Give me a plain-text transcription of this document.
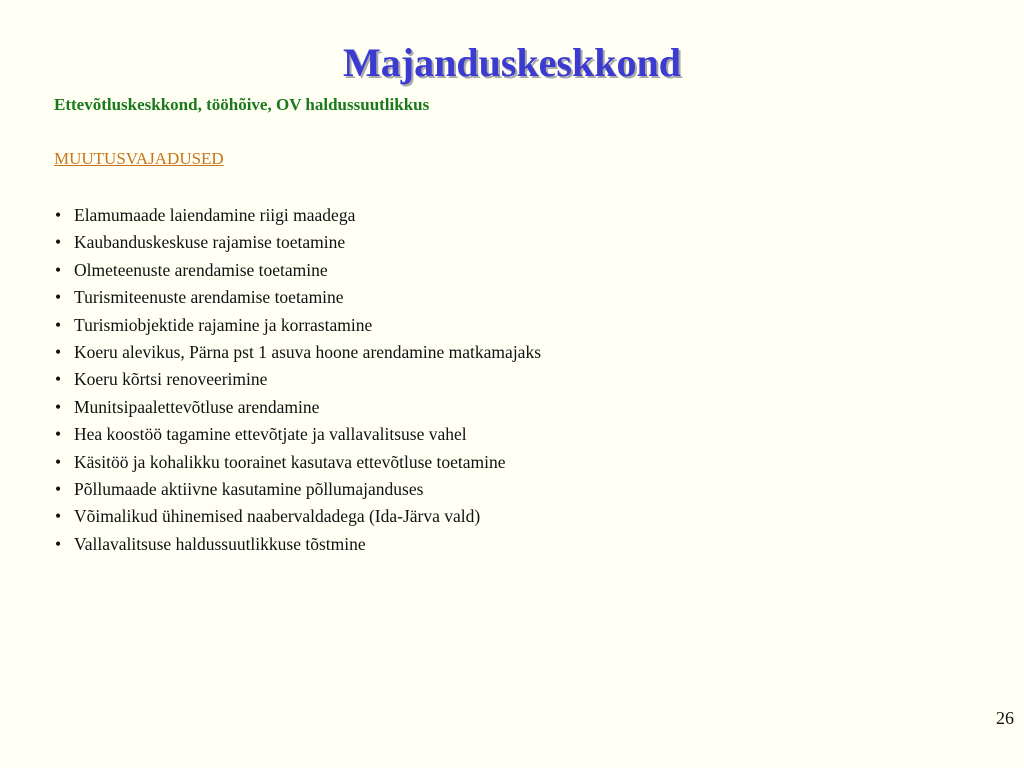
Majanduskeskkond

Ettevõtluskeskkond, tööhõive, OV haldussuutlikkus

MUUTUSVAJADUSED

• Elamumaade laiendamine riigi maadega
• Kaubanduskeskuse rajamise toetamine
• Olmeteenuste arendamise toetamine
• Turismiteenuste arendamise toetamine
• Turismiobjektide rajamine ja korrastamine
• Koeru alevikus, Pärna pst 1 asuva hoone arendamine matkamajaks
• Koeru kõrtsi renoveerimine
• Munitsipaalettevõtluse arendamine
• Hea koostöö tagamine ettevõtjate ja vallavalitsuse vahel
• Käsitöö ja kohalikku toorainet kasutava ettevõtluse toetamine
• Põllumaade aktiivne kasutamine põllumajanduses
• Võimalikud ühinemised naabervaldadega (Ida-Järva vald)
• Vallavalitsuse haldussuutlikkuse tõstmine
26
